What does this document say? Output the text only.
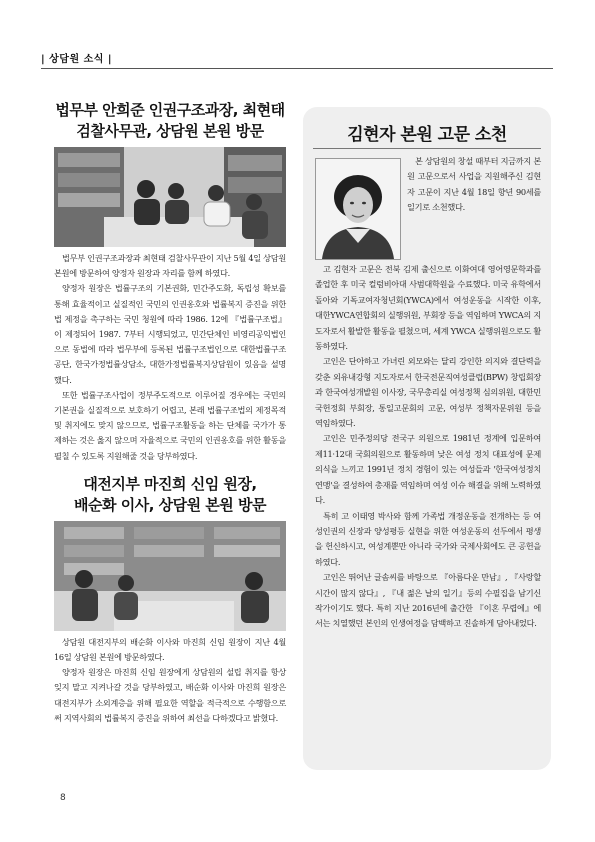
| 상담원 소식 |
법무부 안희준 인권구조과장, 최현태
검찰사무관, 상담원 본원 방문

법무부 인권구조과장과 최현태 검찰사무관이 지난 5월 4일 상담원 본원에 방문하여 양정자 원장과 자리를 함께 하였다.

양정자 원장은 법률구조의 기본권화, 민간주도화, 독립성 확보를 통해 효율적이고 실질적인 국민의 인권옹호와 법률복지 증진을 위한 법 제정을 촉구하는 국민 청원에 따라 1986. 12에 『법률구조법』이 제정되어 1987. 7부터 시행되었고, 민간단체인 비영리공익법인으로 동법에 따라 법무부에 등록된 법률구조법인으로 대한법률구조공단, 한국가정법률상담소, 대한가정법률복지상담원이 있음을 설명했다.

또한 법률구조사업이 정부주도적으로 이루어질 경우에는 국민의 기본권을 실질적으로 보호하기 어렵고, 본래 법률구조법의 제정목적 및 취지에도 맞지 않으므로, 법률구조활동을 하는 단체를 국가가 통제하는 것은 옳지 않으며 자율적으로 국민의 인권옹호를 위한 활동을 펼칠 수 있도록 지원해줄 것을 당부하였다.

대전지부 마진희 신임 원장,
배순화 이사, 상담원 본원 방문

상담원 대전지부의 배순화 이사와 마진희 신임 원장이 지난 4월 16일 상담원 본원에 방문하였다.

양정자 원장은 마진희 신임 원장에게 상담원의 설립 취지를 항상 잊지 말고 지켜나갈 것을 당부하였고, 배순화 이사와 마진희 원장은 대전지부가 소외계층을 위해 필요한 역할을 적극적으로 수행함으로써 지역사회의 법률복지 증진을 위하여 최선을 다하겠다고 밝혔다.

김현자 본원 고문 소천

본 상담원의 창설 때부터 지금까지 본원 고문으로서 사업을 지원해주신 김현자 고문이 지난 4월 18일 향년 90세를 일기로 소천했다.

고 김현자 고문은 전북 김제 출신으로 이화여대 영어영문학과를 졸업한 후 미국 컬럼비아대 사범대학원을 수료했다. 미국 유학에서 돌아와 기독교여자청년회(YWCA)에서 여성운동을 시작한 이후, 대한YWCA연합회의 실행위원, 부회장 등을 역임하며 YWCA의 지도자로서 활발한 활동을 펼쳤으며, 세계 YWCA 실행위원으로도 활동하였다.

고인은 단아하고 가녀린 외모와는 달리 강인한 의지와 결단력을 갖춘 외유내강형 지도자로서 한국전문직여성클럽(BPW) 창립회장과 한국여성개발원 이사장, 국무총리실 여성정책 심의위원, 대한민국헌정회 부회장, 통일고문회의 고문, 여성부 정책자문위원 등을 역임하였다.

고인은 민주정의당 전국구 의원으로 1981년 정계에 입문하여 제11·12대 국회의원으로 활동하며 낮은 여성 정치 대표성에 문제의식을 느끼고 1991년 정치 경험이 있는 여성들과 '한국여성정치연맹'을 결성하여 총재를 역임하며 여성 이슈 해결을 위해 노력하였다.

특히 고 이태영 박사와 함께 가족법 개정운동을 전개하는 등 여성인권의 신장과 양성평등 실현을 위한 여성운동의 선두에서 평생을 헌신하시고, 여성계뿐만 아니라 국가와 국제사회에도 큰 공헌을 하였다.

고인은 뛰어난 글솜씨를 바탕으로 『아름다운 만남』, 『사랑할 시간이 많지 않다』, 『내 젊은 날의 일기』등의 수필집을 남기신 작가이기도 했다. 특히 지난 2016년에 출간한 『이혼 무렵에』에서는 치열했던 본인의 인생여정을 담백하고 진솔하게 담아내었다.

8
